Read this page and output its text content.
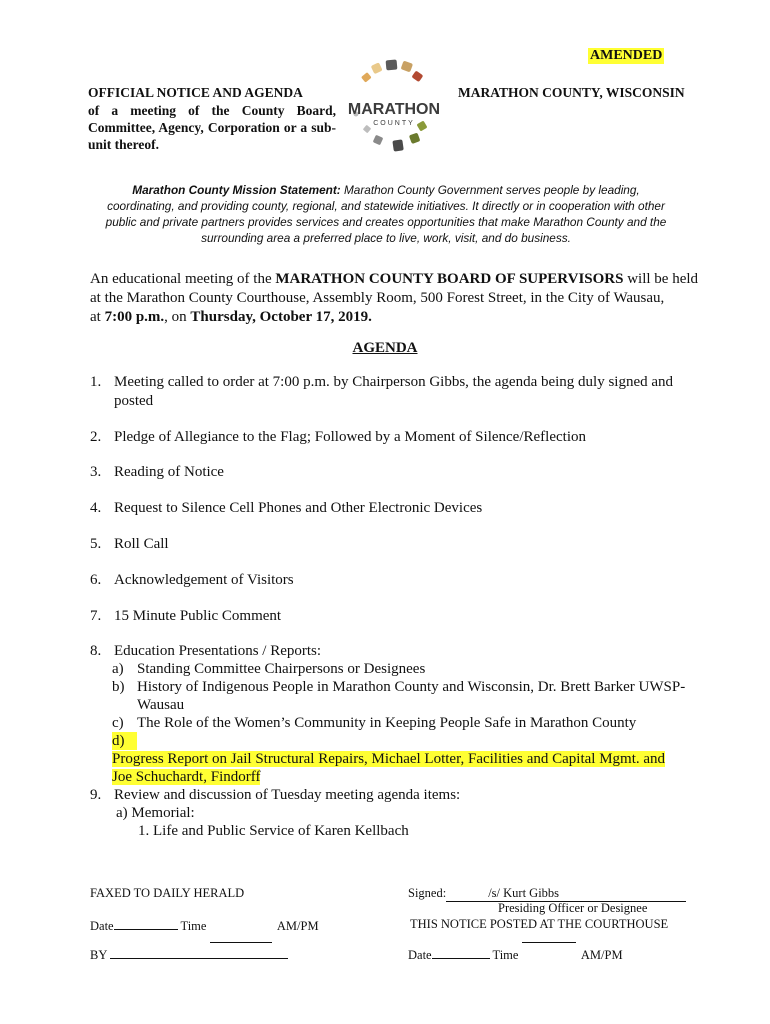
AMENDED
OFFICIAL NOTICE AND AGENDA
of a meeting of the County Board, Committee, Agency, Corporation or a sub-unit thereof.
MARATHON COUNTY, WISCONSIN
MARATHON
COUNTY
Marathon County Mission Statement: Marathon County Government serves people by leading, coordinating, and providing county, regional, and statewide initiatives. It directly or in cooperation with other public and private partners provides services and creates opportunities that make Marathon County and the surrounding area a preferred place to live, work, visit, and do business.
An educational meeting of the MARATHON COUNTY BOARD OF SUPERVISORS will be held at the Marathon County Courthouse, Assembly Room, 500 Forest Street, in the City of Wausau,
at 7:00 p.m., on Thursday, October 17, 2019.
AGENDA
1. Meeting called to order at 7:00 p.m. by Chairperson Gibbs, the agenda being duly signed and posted
2. Pledge of Allegiance to the Flag; Followed by a Moment of Silence/Reflection
3. Reading of Notice
4. Request to Silence Cell Phones and Other Electronic Devices
5. Roll Call
6. Acknowledgement of Visitors
7. 15 Minute Public Comment
8. Education Presentations / Reports:
a) Standing Committee Chairpersons or Designees
b) History of Indigenous People in Marathon County and Wisconsin, Dr. Brett Barker UWSP-Wausau
c) The Role of the Women’s Community in Keeping People Safe in Marathon County
d)Progress Report on Jail Structural Repairs, Michael Lotter, Facilities and Capital Mgmt. and Joe Schuchardt, Findorff
9. Review and discussion of Tuesday meeting agenda items:
a) Memorial:
1. Life and Public Service of Karen Kellbach
FAXED TO DAILY HERALD
Date	Time	AM/PM
BY
Signed:	/s/ Kurt Gibbs
Presiding Officer or Designee
THIS NOTICE POSTED AT THE COURTHOUSE
Date	Time	AM/PM
